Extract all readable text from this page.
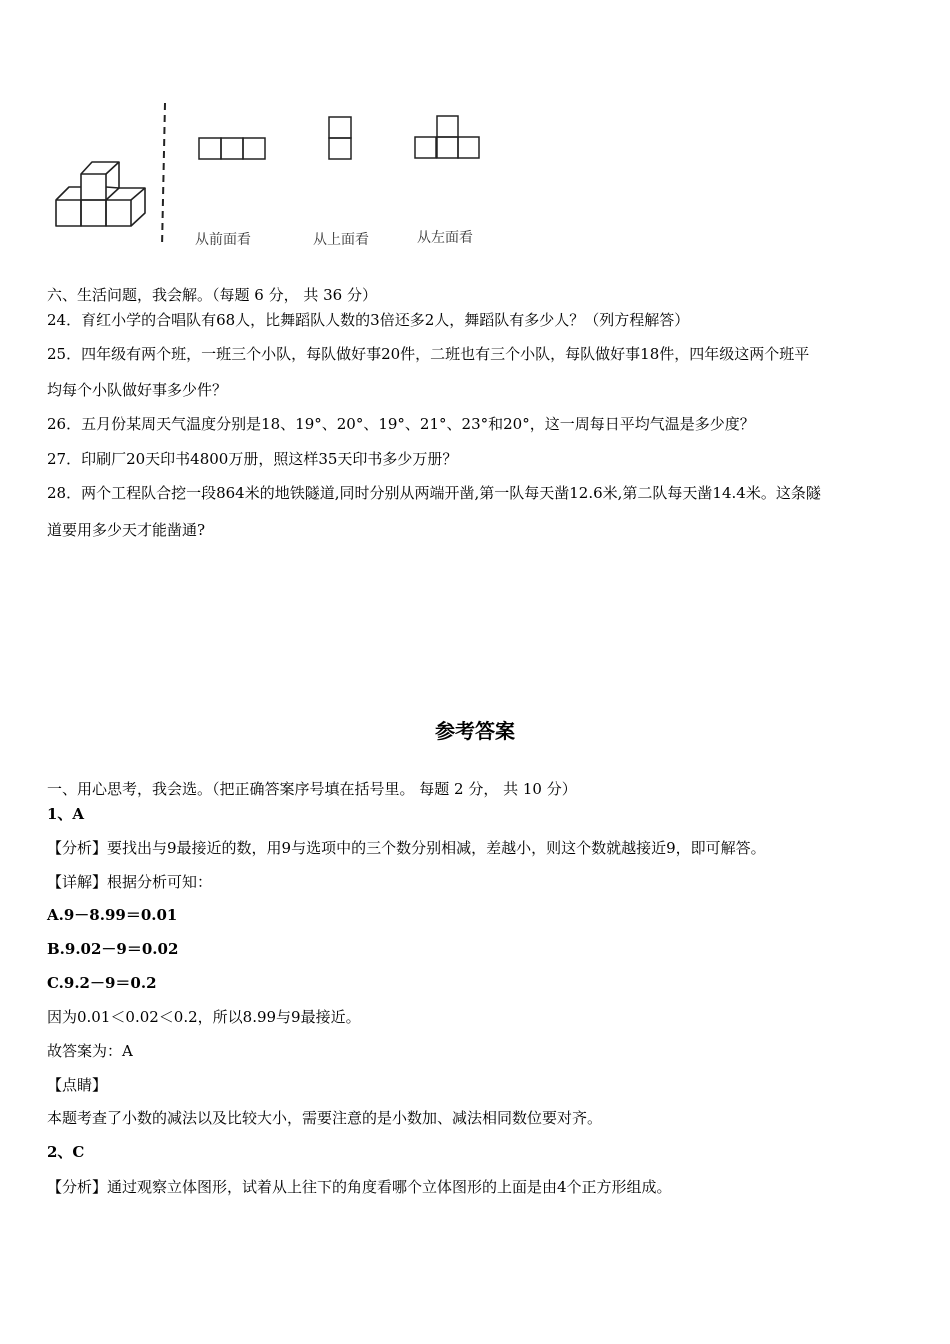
从前面看	从上面看	从左面看
六、生活问题，我会解。（每题 6 分， 共 36 分）
24．育红小学的合唱队有68人，比舞蹈队人数的3倍还多2人，舞蹈队有多少人？（列方程解答）
25．四年级有两个班，一班三个小队，每队做好事20件，二班也有三个小队，每队做好事18件，四年级这两个班平
均每个小队做好事多少件？
26．五月份某周天气温度分别是18、19°、20°、19°、21°、23°和20°，这一周每日平均气温是多少度？
27．印刷厂20天印书4800万册，照这样35天印书多少万册？
28．两个工程队合挖一段864米的地铁隧道,同时分别从两端开凿,第一队每天凿12.6米,第二队每天凿14.4米。这条隧
道要用多少天才能凿通?
参考答案
一、用心思考，我会选。（把正确答案序号填在括号里。 每题 2 分， 共 10 分）
1、A
【分析】要找出与9最接近的数，用9与选项中的三个数分别相减，差越小，则这个数就越接近9，即可解答。
【详解】根据分析可知：
A.9－8.99＝0.01
B.9.02－9＝0.02
C.9.2－9＝0.2
因为0.01＜0.02＜0.2，所以8.99与9最接近。
故答案为：A
【点睛】
本题考查了小数的减法以及比较大小，需要注意的是小数加、减法相同数位要对齐。
2、C
【分析】通过观察立体图形，试着从上往下的角度看哪个立体图形的上面是由4个正方形组成。
